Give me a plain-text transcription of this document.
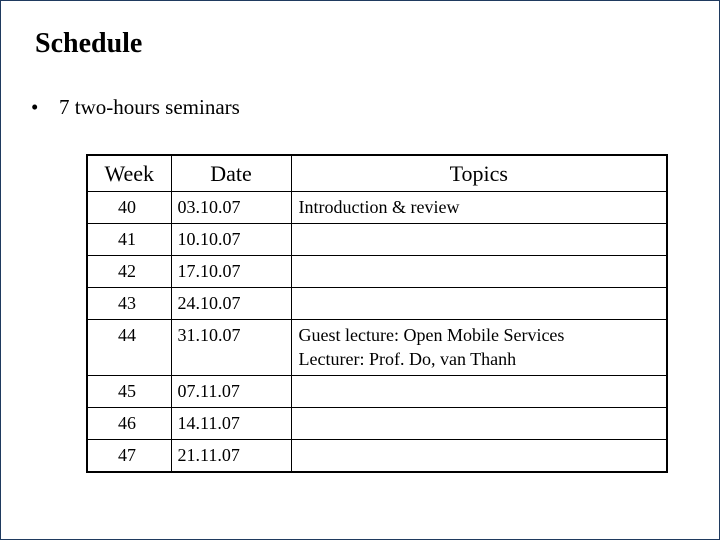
Schedule
• 7 two-hours seminars
Week	Date	Topics
40	03.10.07	Introduction & review

41	10.10.07	
42	17.10.07	
43	24.10.07	
44	31.10.07	Guest lecture: Open Mobile Services
Lecturer: Prof. Do, van Thanh

45	07.11.07	
46	14.11.07	
47	21.11.07	
